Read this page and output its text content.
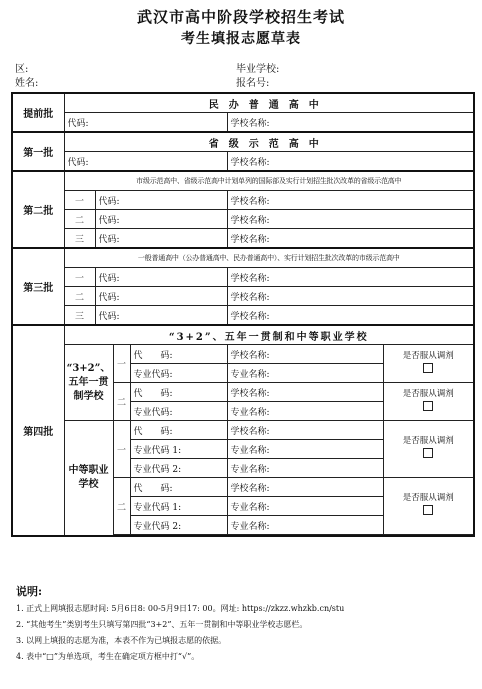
武汉市高中阶段学校招生考试
考生填报志愿草表
区:	毕业学校:
姓名:	报名号:
提前批	民办普通高中					
	代码:				学校名称:	
第一批	省级示范高中					
	代码:				学校名称:	
第二批	市级示范高中、省级示范高中计划单列的国际部及实行计划招生批次改革的省级示范高中					
	一	代码:			学校名称:	
	二	代码:			学校名称:	
	三	代码:			学校名称:	
第三批	一般普通高中（公办普通高中、民办普通高中）、实行计划招生批次改革的市级示范高中					
	一	代码:			学校名称:	
	二	代码:			学校名称:	
	三	代码:			学校名称:	
第四批	“3+2”、五年一贯制和中等职业学校					

	“3+2”、五年一贯制学校		一	代　　码:	学校名称:	是否服从调剂

				专业代码:	专业名称:	
			二	代　　码:	学校名称:	是否服从调剂

				专业代码:	专业名称:	

	中等职业学校		一	代　　码:	学校名称:	是否服从调剂

				专业代码 1:	专业名称:	
				专业代码 2:	专业名称:	
			二	代　　码:	学校名称:	是否服从调剂

				专业代码 1:	专业名称:	
				专业代码 2:	专业名称:	

说明:
1. 正式上网填报志愿时间: 5月6日8: 00-5月9日17: 00。网址: https://zkzz.whzkb.cn/stu
2. “其他考生”类别考生只填写第四批“3+2”、五年一贯制和中等职业学校志愿栏。
3. 以网上填报的志愿为准，本表不作为已填报志愿的依据。
4. 表中“□”为单选项，考生在确定项方框中打“√”。
